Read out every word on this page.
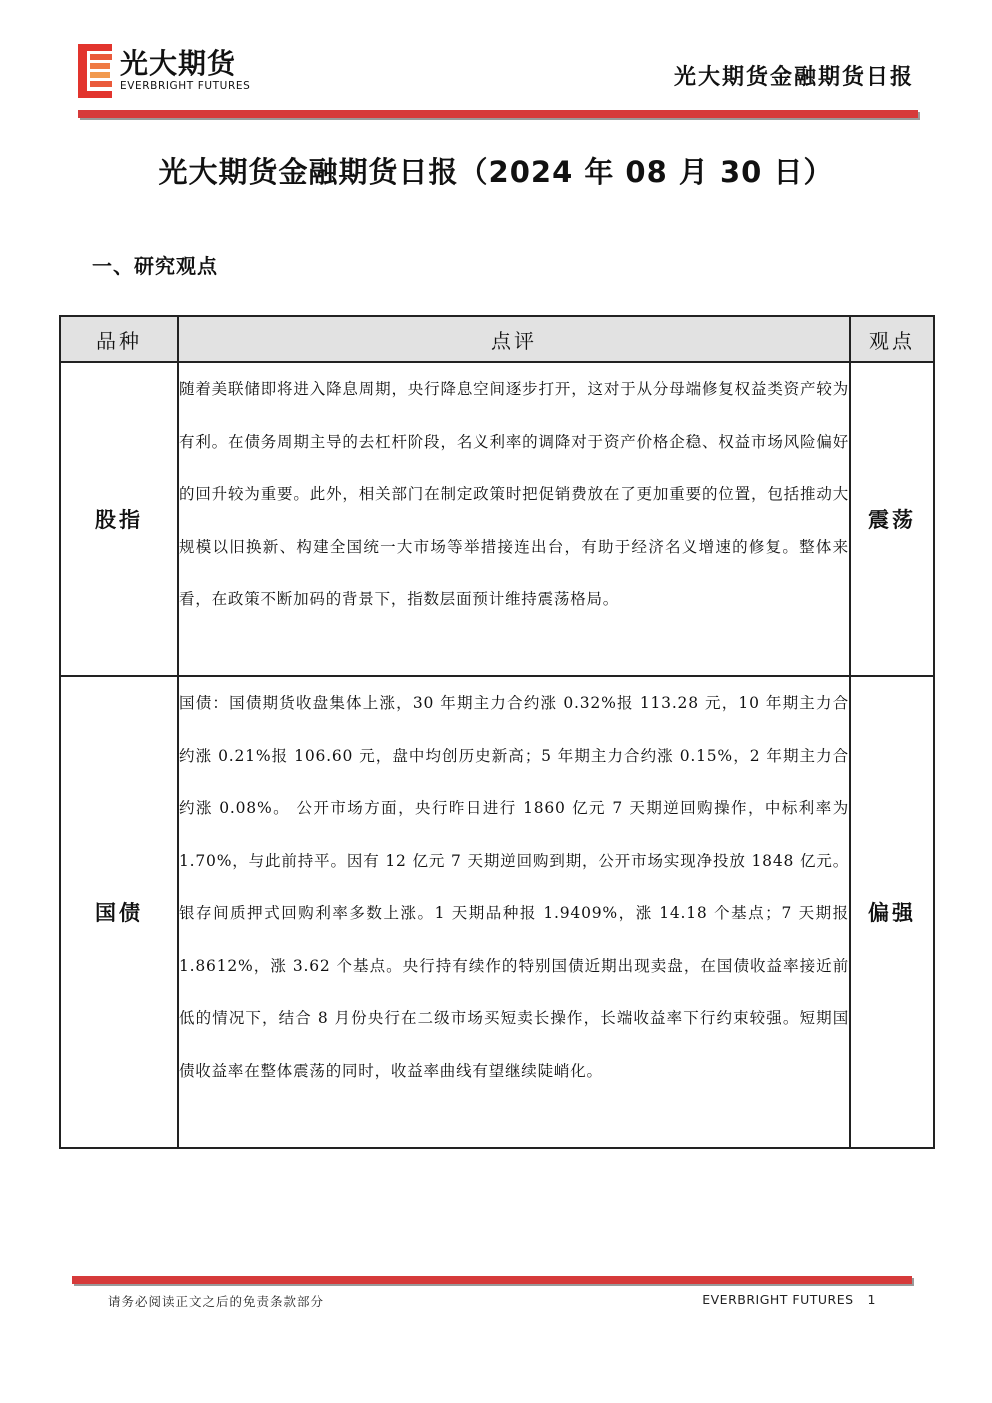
光大期货
EVERBRIGHT FUTURES	光大期货金融期货日报
光大期货金融期货日报（2024 年 08 月 30 日）
一、研究观点
品种	点评	观点
股指	随着美联储即将进入降息周期，央行降息空间逐步打开，这对于从分母端修复权益类资产较为有利。在债务周期主导的去杠杆阶段，名义利率的调降对于资产价格企稳、权益市场风险偏好的回升较为重要。此外，相关部门在制定政策时把促销费放在了更加重要的位置，包括推动大规模以旧换新、构建全国统一大市场等举措接连出台，有助于经济名义增速的修复。整体来看，在政策不断加码的背景下，指数层面预计维持震荡格局。	震荡
国债	国债：国债期货收盘集体上涨，30 年期主力合约涨 0.32%报 113.28 元，10 年期主力合约涨 0.21%报 106.60 元，盘中均创历史新高；5 年期主力合约涨 0.15%，2 年期主力合约涨 0.08%。 公开市场方面，央行昨日进行 1860 亿元 7 天期逆回购操作，中标利率为 1.70%，与此前持平。因有 12 亿元 7 天期逆回购到期，公开市场实现净投放 1848 亿元。银存间质押式回购利率多数上涨。1 天期品种报 1.9409%，涨 14.18 个基点；7 天期报 1.8612%，涨 3.62 个基点。央行持有续作的特别国债近期出现卖盘，在国债收益率接近前低的情况下，结合 8 月份央行在二级市场买短卖长操作，长端收益率下行约束较强。短期国债收益率在整体震荡的同时，收益率曲线有望继续陡峭化。	偏强
请务必阅读正文之后的免责条款部分	EVERBRIGHT FUTURES 1
